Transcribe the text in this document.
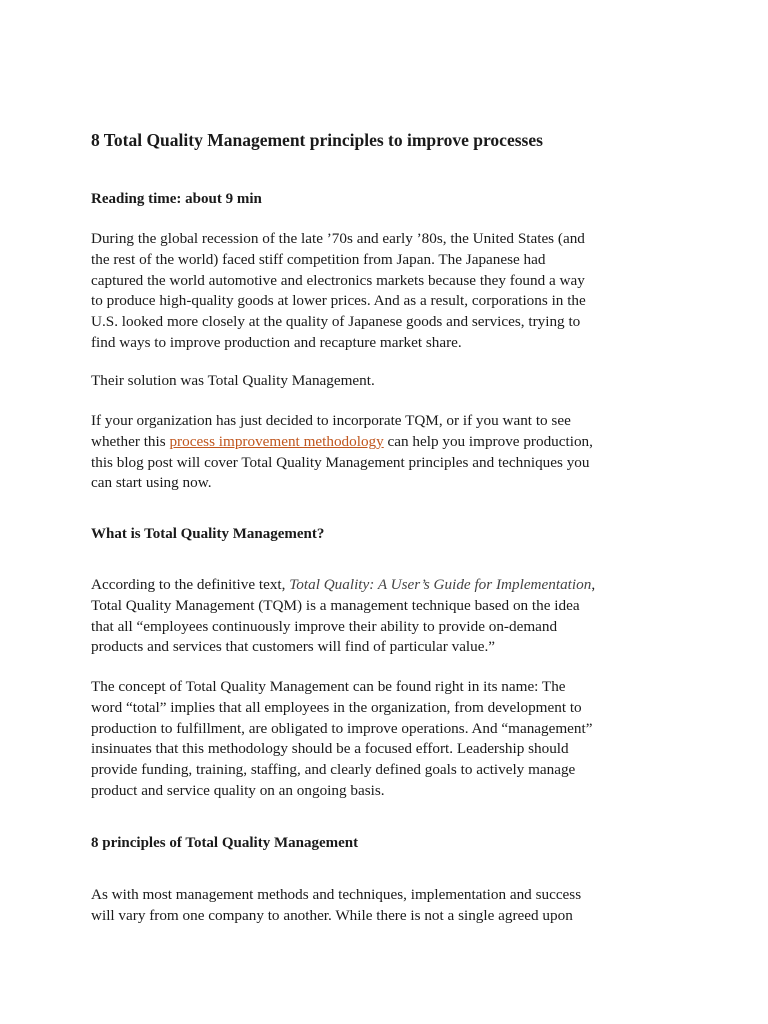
8 Total Quality Management principles to improve processes

Reading time: about 9 min

During the global recession of the late ’70s and early ’80s, the United States (and
the rest of the world) faced stiff competition from Japan. The Japanese had
captured the world automotive and electronics markets because they found a way
to produce high-quality goods at lower prices. And as a result, corporations in the
U.S. looked more closely at the quality of Japanese goods and services, trying to
find ways to improve production and recapture market share.

Their solution was Total Quality Management.

If your organization has just decided to incorporate TQM, or if you want to see
whether this process improvement methodology can help you improve production,
this blog post will cover Total Quality Management principles and techniques you
can start using now.

What is Total Quality Management?

According to the definitive text, Total Quality: A User’s Guide for Implementation,
Total Quality Management (TQM) is a management technique based on the idea
that all “employees continuously improve their ability to provide on-demand
products and services that customers will find of particular value.”

The concept of Total Quality Management can be found right in its name: The
word “total” implies that all employees in the organization, from development to
production to fulfillment, are obligated to improve operations. And “management”
insinuates that this methodology should be a focused effort. Leadership should
provide funding, training, staffing, and clearly defined goals to actively manage
product and service quality on an ongoing basis.

8 principles of Total Quality Management

As with most management methods and techniques, implementation and success
will vary from one company to another. While there is not a single agreed upon
